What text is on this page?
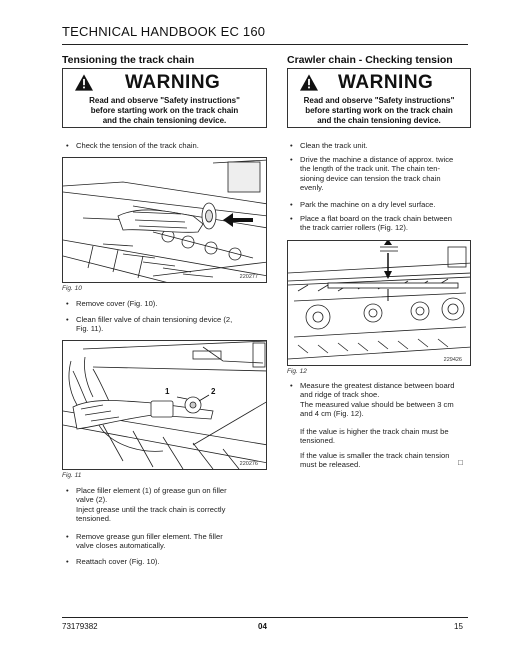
TECHNICAL HANDBOOK EC 160
Tensioning the track chain
WARNING
Read and observe "Safety instructions"
before starting work on the track chain
and the chain tensioning device.
• Check the tension of the track chain.
220277
Fig. 10
• Remove cover (Fig. 10).
• Clean filler valve of chain tensioning device (2,
Fig. 11).
1	2
220276
Fig. 11
• Place filler element (1) of grease gun on filler
valve (2).
Inject grease until the track chain is correctly
tensioned.
• Remove grease gun filler element. The filler
valve closes automatically.
• Reattach cover (Fig. 10).
Crawler chain - Checking tension
WARNING
Read and observe "Safety instructions"
before starting work on the track chain
and the chain tensioning device.
• Clean the track unit.
• Drive the machine a distance of approx. twice
the length of the track unit. The chain ten-
sioning device can tension the track chain
evenly.
• Park the machine on a dry level surface.
• Place a flat board on the track chain between
the track carrier rollers (Fig. 12).
229426
Fig. 12
• Measure the greatest distance between board
and ridge of track shoe.
The measured value should be between 3 cm
and 4 cm (Fig. 12).
If the value is higher the track chain must be
tensioned.
If the value is smaller the track chain tension
must be released.	□
73179382	04	15
